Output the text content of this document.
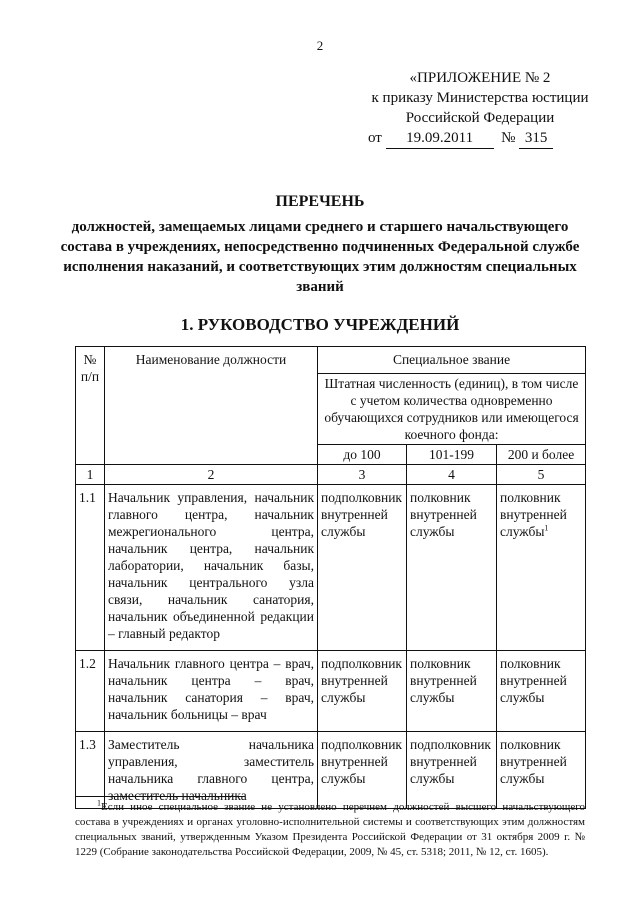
2
«ПРИЛОЖЕНИЕ № 2
к приказу Министерства юстиции
Российской Федерации
от 19.09.2011 № 315
ПЕРЕЧЕНЬ
должностей, замещаемых лицами среднего и старшего начальствующего состава в учреждениях, непосредственно подчиненных Федеральной службе исполнения наказаний, и соответствующих этим должностям специальных званий
1. РУКОВОДСТВО УЧРЕЖДЕНИЙ
№ п/п	Наименование должности	Специальное звание		
		Штатная численность (единиц), в том числе с учетом количества одновременно обучающихся сотрудников или имеющегося коечного фонда:		
		до 100	101-199	200 и более
1	2	3	4	5
1.1	Начальник управления, начальник главного центра, начальник межрегионального центра, начальник центра, начальник лаборатории, начальник базы, начальник центрального узла связи, начальник санатория, начальник объединенной редакции – главный редактор	подполковник внутренней службы	полковник внутренней службы	полковник внутренней службы$^1$
1.2	Начальник главного центра – врач, начальник центра – врач, начальник санатория – врач, начальник больницы – врач	подполковник внутренней службы	полковник внутренней службы	полковник внутренней службы
1.3	Заместитель начальника управления, заместитель начальника главного центра, заместитель начальника	подполковник внутренней службы	подполковник внутренней службы	полковник внутренней службы
$^1$Если иное специальное звание не установлено перечнем должностей высшего начальствующего состава в учреждениях и органах уголовно-исполнительной системы и соответствующих этим должностям специальных званий, утвержденным Указом Президента Российской Федерации от 31 октября 2009 г. № 1229 (Собрание законодательства Российской Федерации, 2009, № 45, ст. 5318; 2011, № 12, ст. 1605).
